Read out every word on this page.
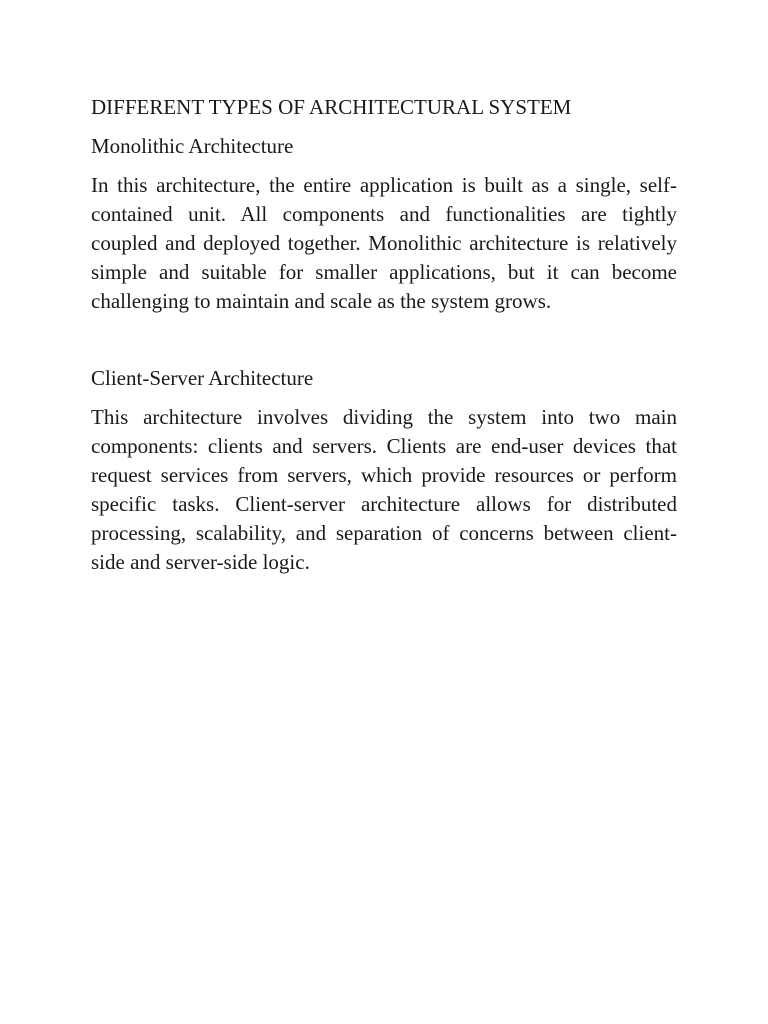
DIFFERENT TYPES OF ARCHITECTURAL SYSTEM
Monolithic Architecture

In this architecture, the entire application is built as a single, self-contained unit. All components and functionalities are tightly coupled and deployed together. Monolithic architecture is relatively simple and suitable for smaller applications, but it can become challenging to maintain and scale as the system grows.

Client-Server Architecture

This architecture involves dividing the system into two main components: clients and servers. Clients are end-user devices that request services from servers, which provide resources or perform specific tasks. Client-server architecture allows for distributed processing, scalability, and separation of concerns between client-side and server-side logic.
